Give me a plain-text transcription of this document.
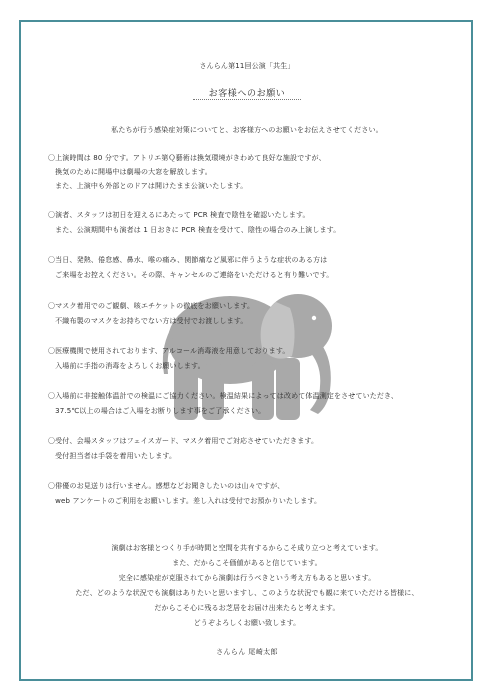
さんらん第11回公演「共生」
お客様へのお願い
私たちが行う感染症対策についてと、お客様方へのお願いをお伝えさせてください。
〇上演時間は 80 分です。アトリエ第Ｑ藝術は換気環境がきわめて良好な施設ですが、
　換気のために開場中は劇場の大窓を解放します。
　また、上演中も外部とのドアは開けたまま公演いたします。
〇演者、スタッフは初日を迎えるにあたって PCR 検査で陰性を確認いたします。
　また、公演期間中も演者は 1 日おきに PCR 検査を受けて、陰性の場合のみ上演します。
〇当日、発熱、倦怠感、鼻水、喉の痛み、関節痛など風邪に伴うような症状のある方は
　ご来場をお控えください。その際、キャンセルのご連絡をいただけると有り難いです。
〇マスク着用でのご観劇、咳エチケットの徹底をお願いします。
　不織布製のマスクをお持ちでない方は受付でお渡しします。
〇医療機関で使用されております、アルコール消毒液を用意しております。
　入場前に手指の消毒をよろしくお願いします。
〇入場前に非接触体温計での検温にご協力ください。検温結果によっては改めて体温測定をさせていただき、
　37.5℃以上の場合はご入場をお断りします事をご了承ください。
〇受付、会場スタッフはフェイスガード、マスク着用でご対応させていただきます。
　受付担当者は手袋を着用いたします。
〇俳優のお見送りは行いません。感想などお聞きしたいのは山々ですが、
　web アンケートのご利用をお願いします。差し入れは受付でお預かりいたします。
演劇はお客様とつくり手が時間と空間を共有するからこそ成り立つと考えています。
また、だからこそ価値があると信じています。
完全に感染症が克服されてから演劇は行うべきという考え方もあると思います。
ただ、どのような状況でも演劇はありたいと思いますし、このような状況でも観に来ていただける皆様に、
だからこそ心に残るお芝居をお届け出来たらと考えます。
どうぞよろしくお願い致します。
さんらん 尾崎太郎
